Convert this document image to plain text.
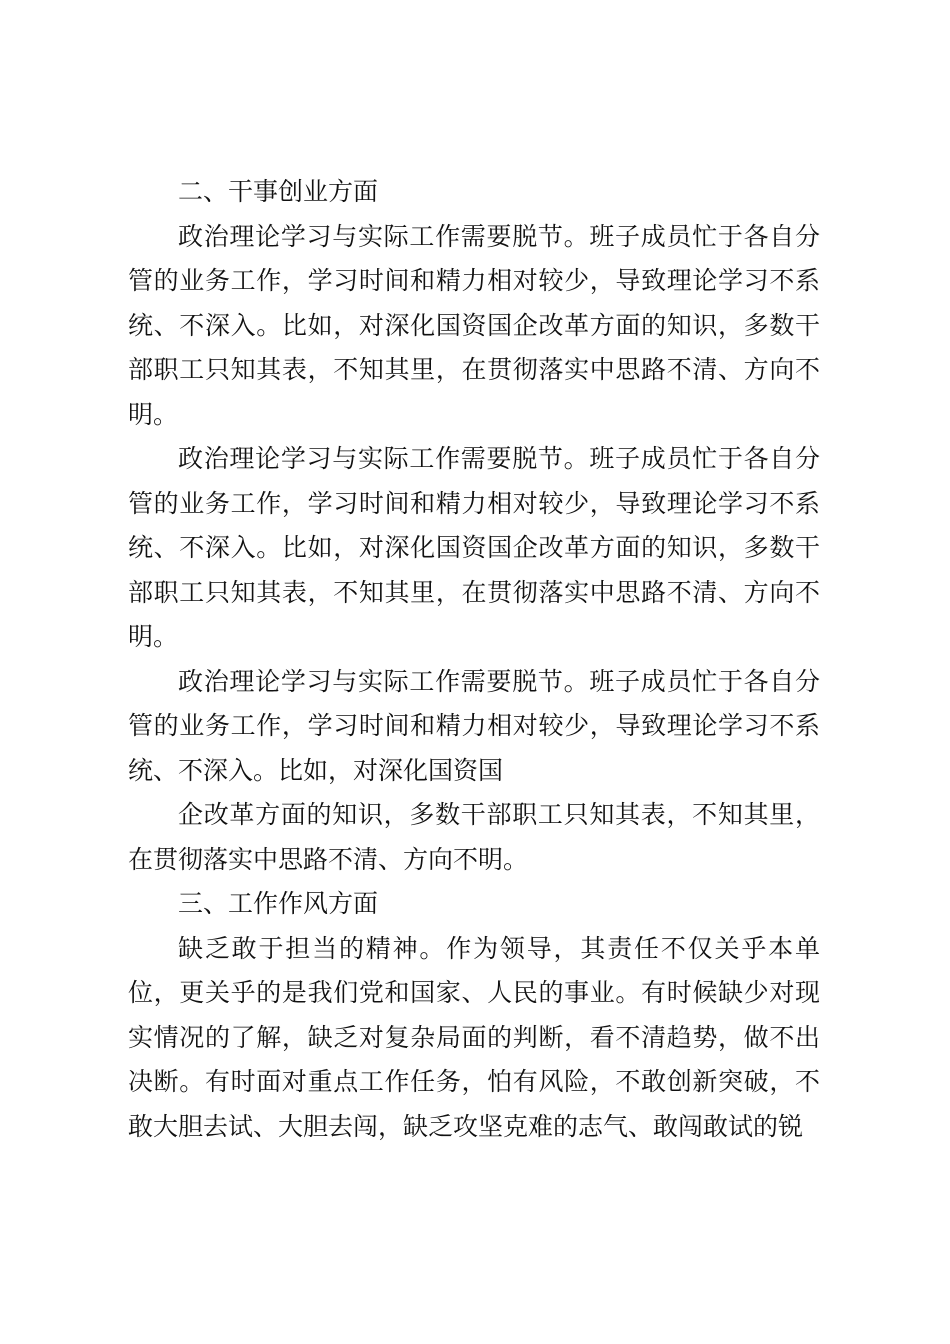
二、干事创业方面

政治理论学习与实际工作需要脱节。班子成员忙于各自分管的业务工作，学习时间和精力相对较少，导致理论学习不系统、不深入。比如，对深化国资国企改革方面的知识，多数干部职工只知其表，不知其里，在贯彻落实中思路不清、方向不明。

政治理论学习与实际工作需要脱节。班子成员忙于各自分管的业务工作，学习时间和精力相对较少，导致理论学习不系统、不深入。比如，对深化国资国企改革方面的知识，多数干部职工只知其表，不知其里，在贯彻落实中思路不清、方向不明。

政治理论学习与实际工作需要脱节。班子成员忙于各自分管的业务工作，学习时间和精力相对较少，导致理论学习不系统、不深入。比如，对深化国资国

企改革方面的知识，多数干部职工只知其表，不知其里，在贯彻落实中思路不清、方向不明。

三、工作作风方面

缺乏敢于担当的精神。作为领导，其责任不仅关乎本单位，更关乎的是我们党和国家、人民的事业。有时候缺少对现实情况的了解，缺乏对复杂局面的判断，看不清趋势，做不出决断。有时面对重点工作任务，怕有风险，不敢创新突破，不敢大胆去试、大胆去闯，缺乏攻坚克难的志气、敢闯敢试的锐
